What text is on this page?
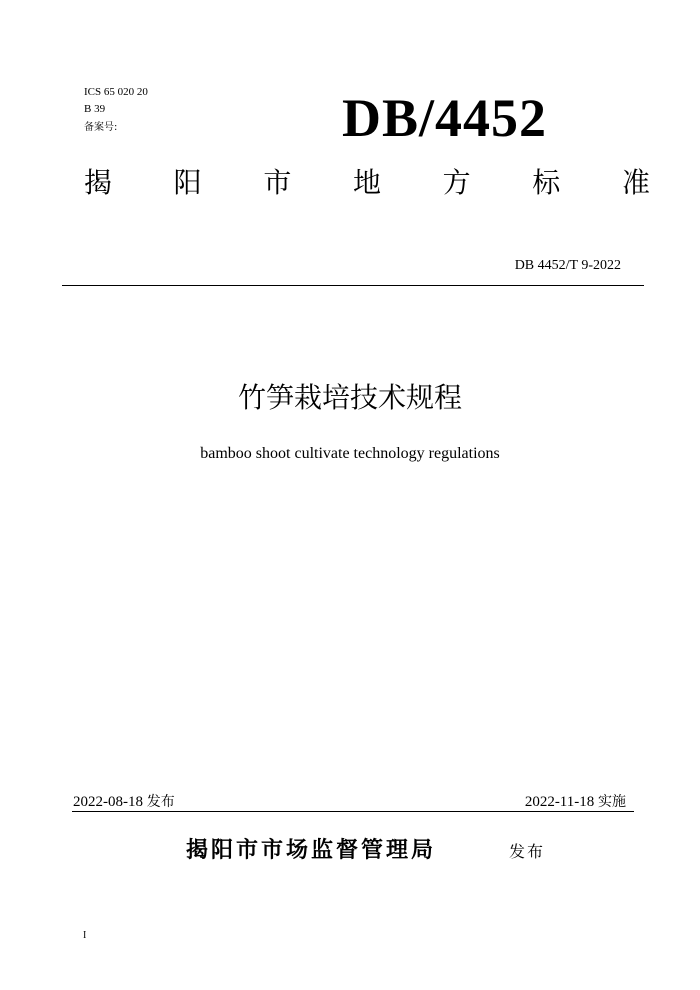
ICS 65 020 20
B 39
备案号:	DB/4452
揭 阳 市 地 方 标 准
DB 4452/T 9-2022
竹笋栽培技术规程
bamboo shoot cultivate technology regulations
2022-08-18 发布	2022-11-18 实施
揭阳市市场监督管理局	发布
I
